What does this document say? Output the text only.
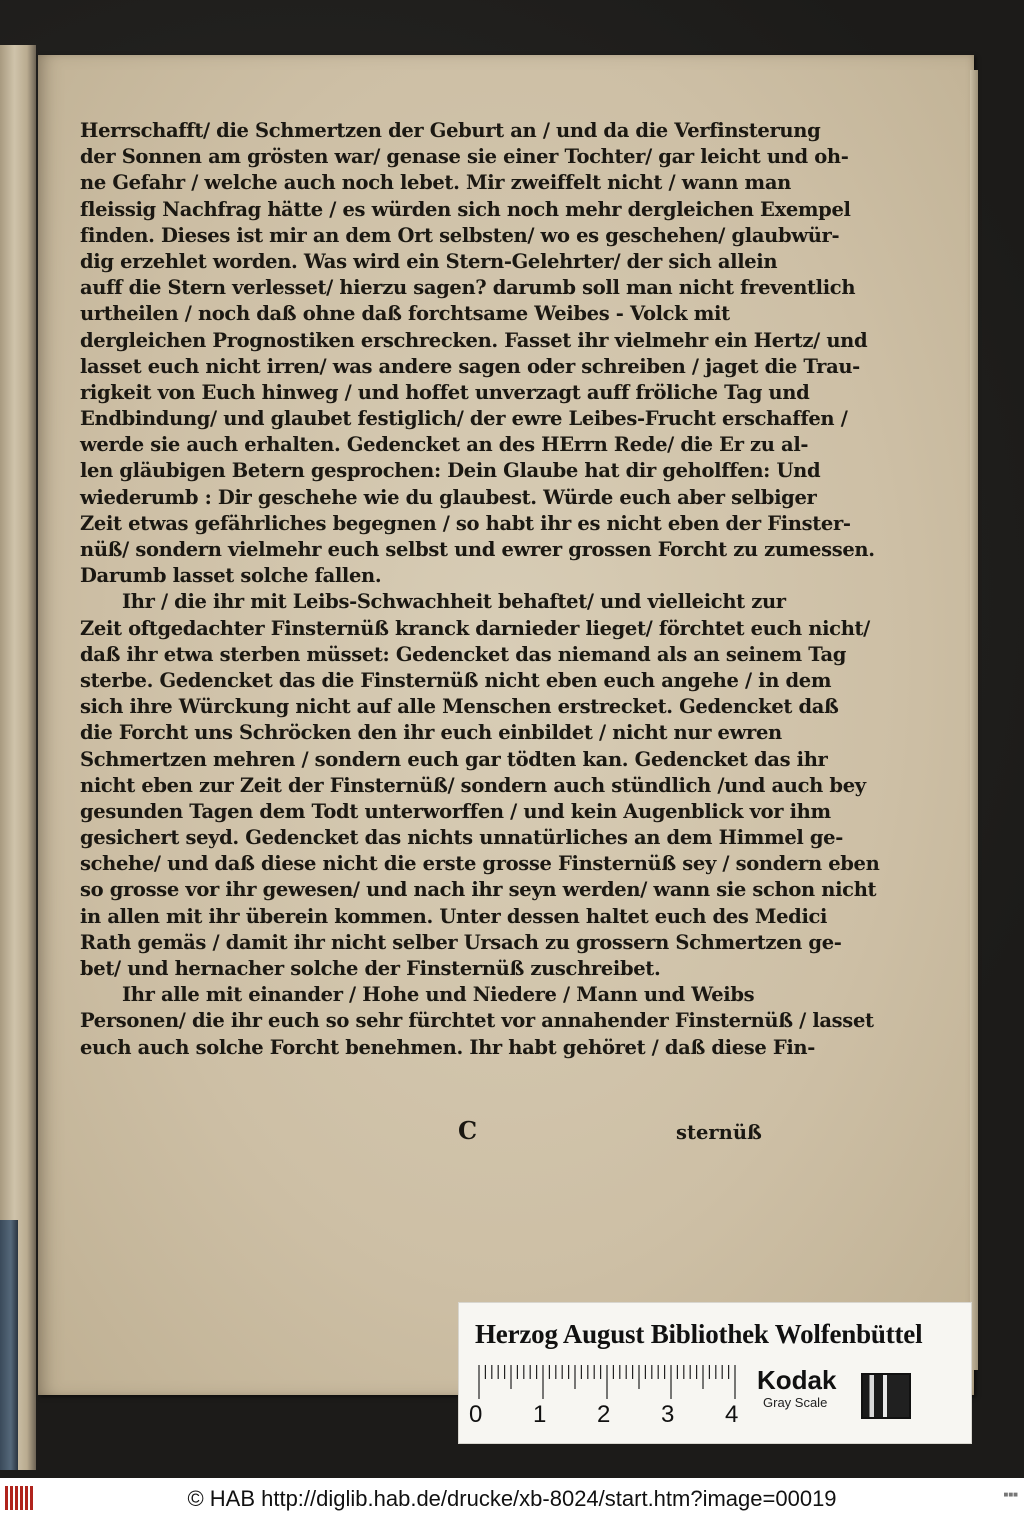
Herrschafft/ die Schmertzen der Geburt an / und da die Verfinsterung
der Sonnen am grösten war/ genase sie einer Tochter/ gar leicht und oh-
ne Gefahr / welche auch noch lebet. Mir zweiffelt nicht / wann man
fleissig Nachfrag hätte / es würden sich noch mehr dergleichen Exempel
finden. Dieses ist mir an dem Ort selbsten/ wo es geschehen/ glaubwür-
dig erzehlet worden. Was wird ein Stern-Gelehrter/ der sich allein
auff die Stern verlesset/ hierzu sagen? darumb soll man nicht freventlich
urtheilen / noch daß ohne daß forchtsame Weibes - Volck mit
dergleichen Prognostiken erschrecken. Fasset ihr vielmehr ein Hertz/ und
lasset euch nicht irren/ was andere sagen oder schreiben / jaget die Trau-
rigkeit von Euch hinweg / und hoffet unverzagt auff fröliche Tag und
Endbindung/ und glaubet festiglich/ der ewre Leibes-Frucht erschaffen /
werde sie auch erhalten. Gedencket an des HErrn Rede/ die Er zu al-
len gläubigen Betern gesprochen: Dein Glaube hat dir geholffen: Und
wiederumb : Dir geschehe wie du glaubest. Würde euch aber selbiger
Zeit etwas gefährliches begegnen / so habt ihr es nicht eben der Finster-
nüß/ sondern vielmehr euch selbst und ewrer grossen Forcht zu zumessen.
Darumb lasset solche fallen.
Ihr / die ihr mit Leibs-Schwachheit behaftet/ und vielleicht zur
Zeit oftgedachter Finsternüß kranck darnieder lieget/ förchtet euch nicht/
daß ihr etwa sterben müsset: Gedencket das niemand als an seinem Tag
sterbe. Gedencket das die Finsternüß nicht eben euch angehe / in dem
sich ihre Würckung nicht auf alle Menschen erstrecket. Gedencket daß
die Forcht uns Schröcken den ihr euch einbildet / nicht nur ewren
Schmertzen mehren / sondern euch gar tödten kan. Gedencket das ihr
nicht eben zur Zeit der Finsternüß/ sondern auch stündlich /und auch bey
gesunden Tagen dem Todt unterworffen / und kein Augenblick vor ihm
gesichert seyd. Gedencket das nichts unnatürliches an dem Himmel ge-
schehe/ und daß diese nicht die erste grosse Finsternüß sey / sondern eben
so grosse vor ihr gewesen/ und nach ihr seyn werden/ wann sie schon nicht
in allen mit ihr überein kommen. Unter dessen haltet euch des Medici
Rath gemäs / damit ihr nicht selber Ursach zu grossern Schmertzen ge-
bet/ und hernacher solche der Finsternüß zuschreibet.
Ihr alle mit einander / Hohe und Niedere / Mann und Weibs
Personen/ die ihr euch so sehr fürchtet vor annahender Finsternüß / lasset
euch auch solche Forcht benehmen. Ihr habt gehöret / daß diese Fin-
C	sternüß
Herzog August Bibliothek Wolfenbüttel
0 1 2 3 4
Kodak
Gray Scale
© HAB http://diglib.hab.de/drucke/xb-8024/start.htm?image=00019	■■■
